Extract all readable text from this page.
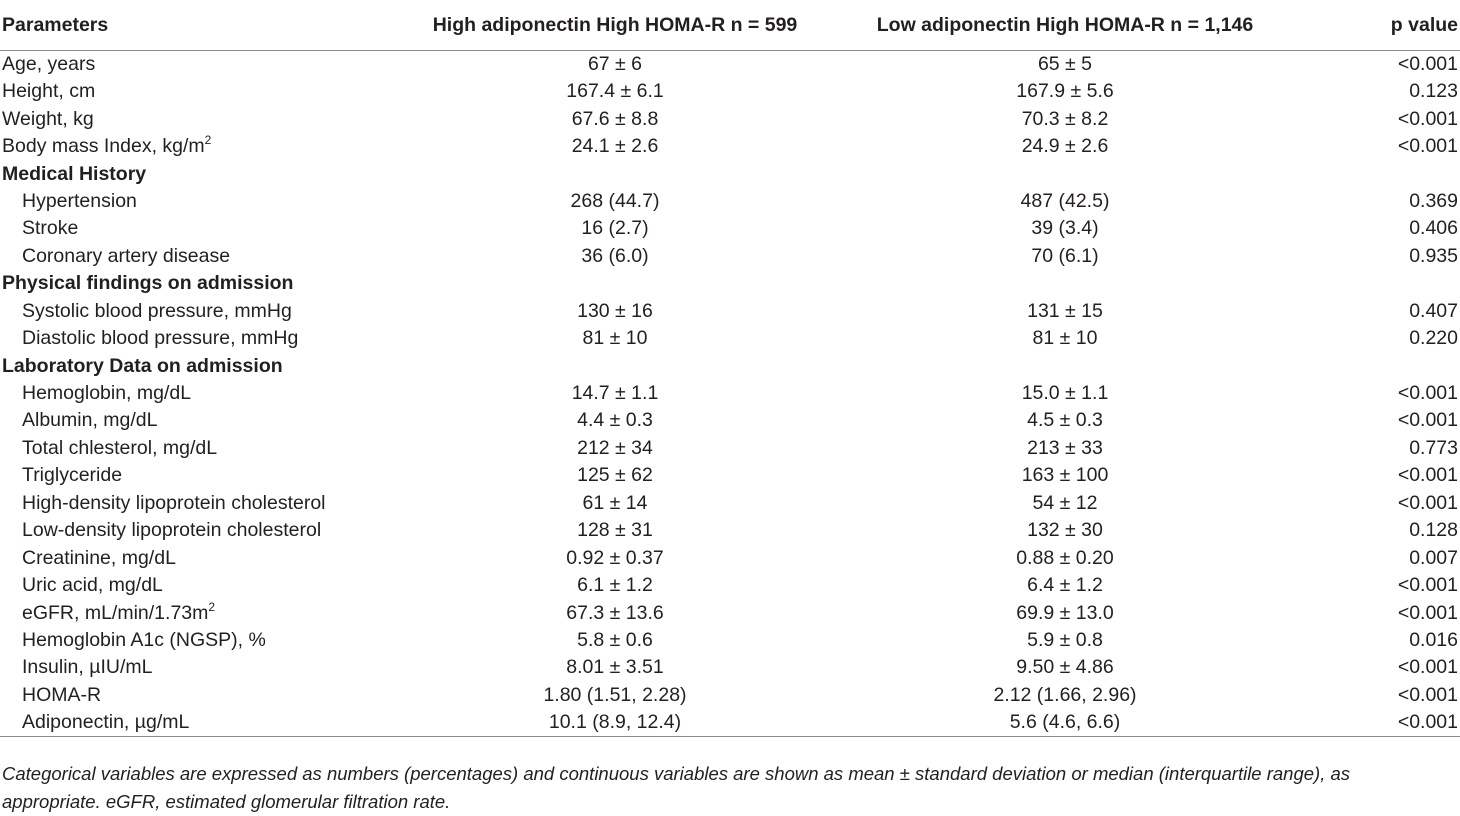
Parameters	High adiponectin High HOMA-R n = 599	Low adiponectin High HOMA-R n = 1,146	p value
Age, years	67 ± 6	65 ± 5	<0.001
Height, cm	167.4 ± 6.1	167.9 ± 5.6	0.123
Weight, kg	67.6 ± 8.8	70.3 ± 8.2	<0.001
Body mass Index, $kg/m^2$	24.1 ± 2.6	24.9 ± 2.6	<0.001
Medical History			
Hypertension	268 (44.7)	487 (42.5)	0.369
Stroke	16 (2.7)	39 (3.4)	0.406
Coronary artery disease	36 (6.0)	70 (6.1)	0.935
Physical findings on admission			
Systolic blood pressure, mmHg	130 ± 16	131 ± 15	0.407
Diastolic blood pressure, mmHg	81 ± 10	81 ± 10	0.220
Laboratory Data on admission			
Hemoglobin, mg/dL	14.7 ± 1.1	15.0 ± 1.1	<0.001
Albumin, mg/dL	4.4 ± 0.3	4.5 ± 0.3	<0.001
Total chlesterol, mg/dL	212 ± 34	213 ± 33	0.773
Triglyceride	125 ± 62	163 ± 100	<0.001
High-density lipoprotein cholesterol	61 ± 14	54 ± 12	<0.001
Low-density lipoprotein cholesterol	128 ± 31	132 ± 30	0.128
Creatinine, mg/dL	0.92 ± 0.37	0.88 ± 0.20	0.007
Uric acid, mg/dL	6.1 ± 1.2	6.4 ± 1.2	<0.001
eGFR, $mL/\min/1.73m^2$	67.3 ± 13.6	69.9 ± 13.0	<0.001
Hemoglobin A1c (NGSP), %	5.8 ± 0.6	5.9 ± 0.8	0.016
Insulin, µIU/mL	8.01 ± 3.51	9.50 ± 4.86	<0.001
HOMA-R	1.80 (1.51, 2.28)	2.12 (1.66, 2.96)	<0.001
Adiponectin, µg/mL	10.1 (8.9, 12.4)	5.6 (4.6, 6.6)	<0.001
Categorical variables are expressed as numbers (percentages) and continuous variables are shown as mean ± standard deviation or median (interquartile range), as appropriate. eGFR, estimated glomerular filtration rate.
